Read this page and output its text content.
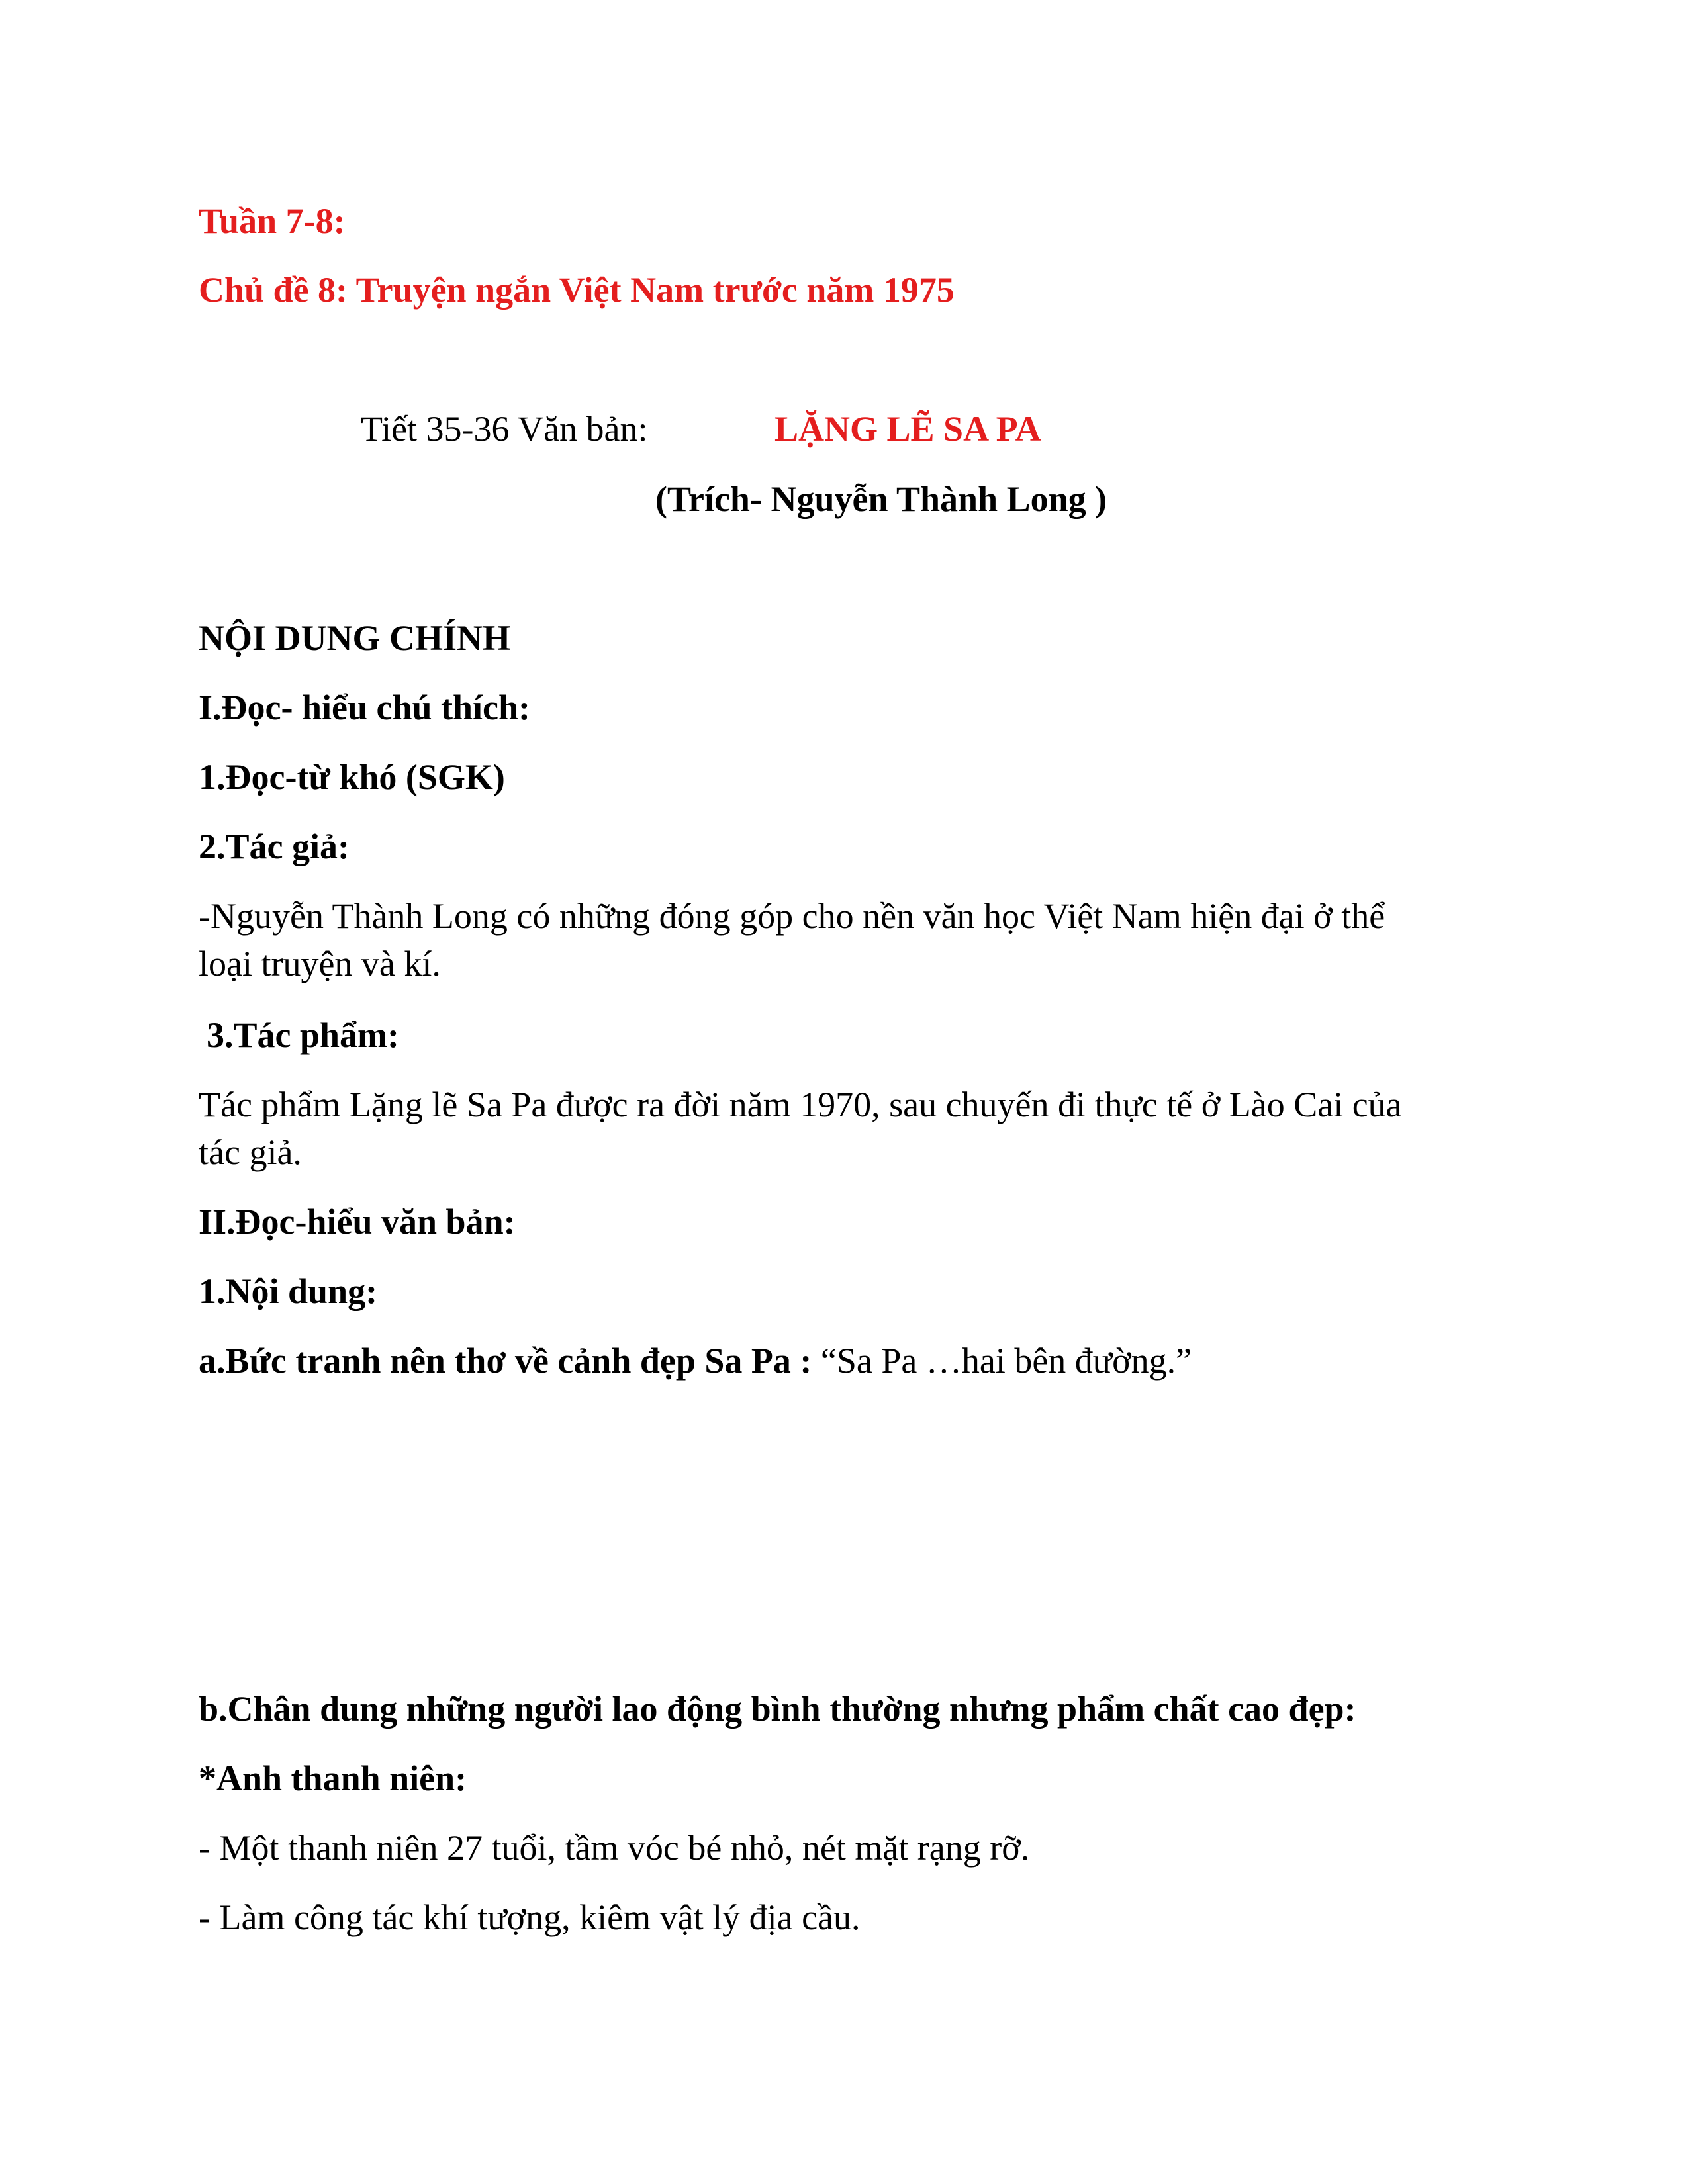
Tuần 7-8:
Chủ đề 8: Truyện ngắn Việt Nam trước năm 1975
Tiết 35-36 Văn bản:	LẶNG LẼ SA PA
(Trích- Nguyễn Thành Long )
NỘI DUNG CHÍNH
I.Đọc- hiểu chú thích:
1.Đọc-từ khó (SGK)
2.Tác giả:
-Nguyễn Thành Long có những đóng góp cho nền văn học Việt Nam hiện đại ở thể
loại truyện và kí.
3.Tác phẩm:
Tác phẩm Lặng lẽ Sa Pa được ra đời năm 1970, sau chuyến đi thực tế ở Lào Cai của
tác giả.
II.Đọc-hiểu văn bản:
1.Nội dung:
a.Bức tranh nên thơ về cảnh đẹp Sa Pa : “Sa Pa …hai bên đường.”
b.Chân dung những người lao động bình thường nhưng phẩm chất cao đẹp:
*Anh thanh niên:
- Một thanh niên 27 tuổi, tầm vóc bé nhỏ, nét mặt rạng rỡ.
- Làm công tác khí tượng, kiêm vật lý địa cầu.
